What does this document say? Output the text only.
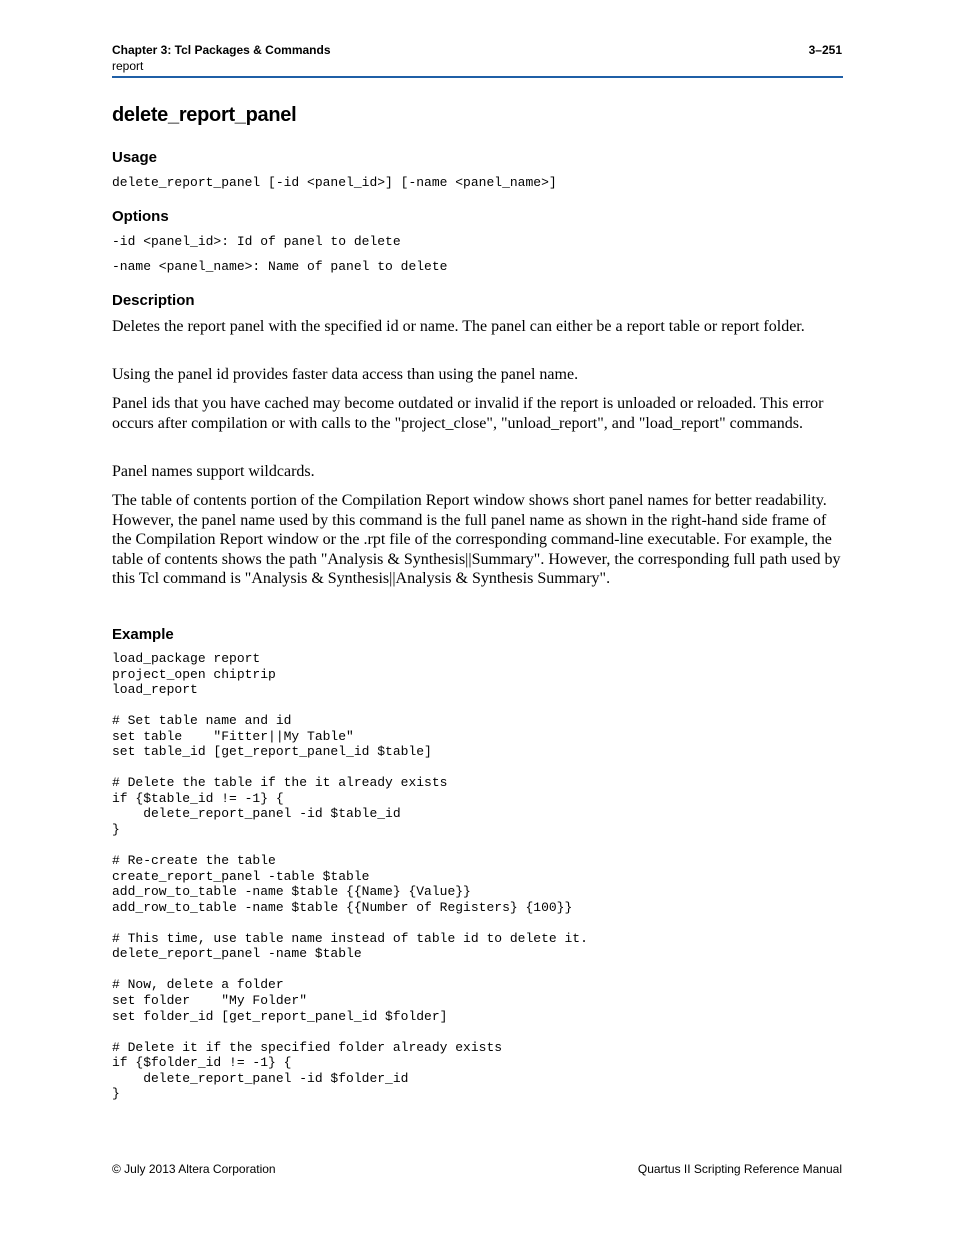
Chapter 3: Tcl Packages & Commands
report
3–251
delete_report_panel
Usage
delete_report_panel [-id <panel_id>] [-name <panel_name>]
Options
-id <panel_id>: Id of panel to delete
-name <panel_name>: Name of panel to delete
Description

Deletes the report panel with the specified id or name. The panel can either be a report table or report folder.

Using the panel id provides faster data access than using the panel name.

Panel ids that you have cached may become outdated or invalid if the report is unloaded or reloaded. This error occurs after compilation or with calls to the "project_close", "unload_report", and "load_report" commands.

Panel names support wildcards.

The table of contents portion of the Compilation Report window shows short panel names for better readability. However, the panel name used by this command is the full panel name as shown in the right-hand side frame of the Compilation Report window or the .rpt file of the corresponding command-line executable. For example, the table of contents shows the path "Analysis & Synthesis||Summary". However, the corresponding full path used by this Tcl command is "Analysis & Synthesis||Analysis & Synthesis Summary".

Example
load_package report
project_open chiptrip
load_report

# Set table name and id
set table    "Fitter||My Table"
set table_id [get_report_panel_id $table]

# Delete the table if the it already exists
if {$table_id != -1} {
delete_report_panel -id $table_id
}

# Re-create the table
create_report_panel -table $table
add_row_to_table -name $table {{Name} {Value}}
add_row_to_table -name $table {{Number of Registers} {100}}

# This time, use table name instead of table id to delete it.
delete_report_panel -name $table

# Now, delete a folder
set folder    "My Folder"
set folder_id [get_report_panel_id $folder]

# Delete it if the specified folder already exists
if {$folder_id != -1} {
delete_report_panel -id $folder_id
}
© July 2013 Altera Corporation	Quartus II Scripting Reference Manual
